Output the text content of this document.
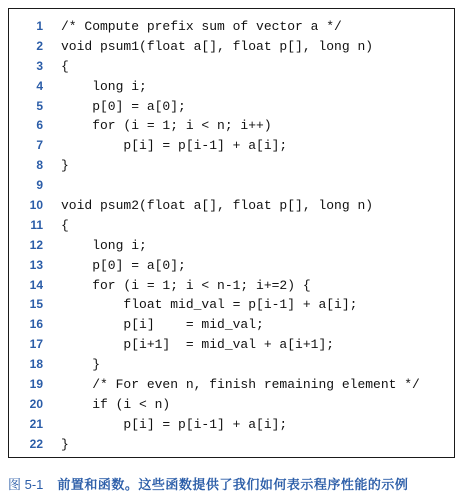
1 /* Compute prefix sum of vector a */
2 void psum1(float a[], float p[], long n)
3 {
4 long i;
5 p[0] = a[0];
6 for (i = 1; i < n; i++)
7 p[i] = p[i-1] + a[i];
8 }
9
10 void psum2(float a[], float p[], long n)
11 {
12 long i;
13 p[0] = a[0];
14 for (i = 1; i < n-1; i+=2) {
15 float mid_val = p[i-1] + a[i];
16 p[i]    = mid_val;
17 p[i+1]  = mid_val + a[i+1];
18 }
19 /* For even n, finish remaining element */
20 if (i < n)
21 p[i] = p[i-1] + a[i];
22 }
图 5-1 前置和函数。这些函数提供了我们如何表示程序性能的示例
